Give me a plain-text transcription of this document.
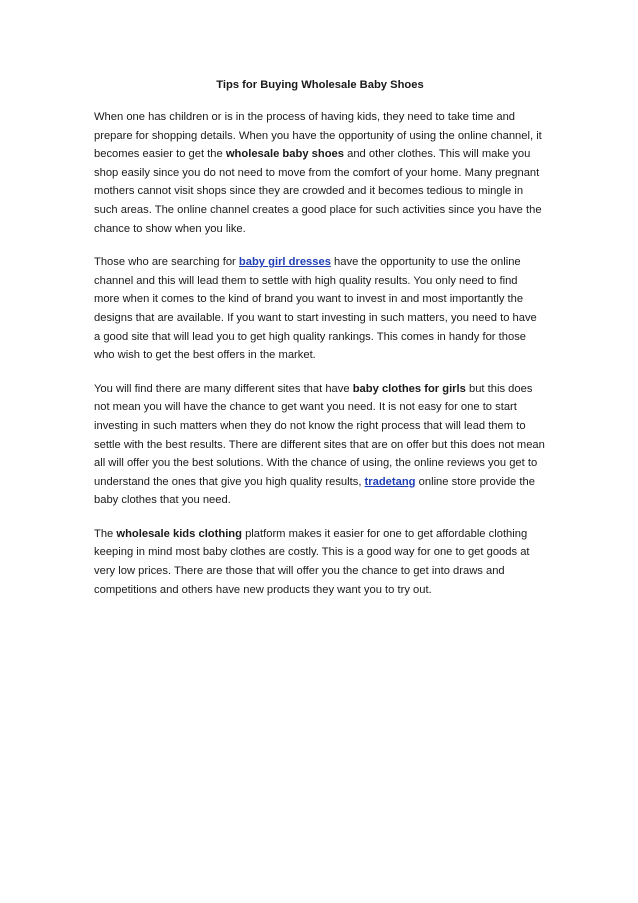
Tips for Buying Wholesale Baby Shoes

When one has children or is in the process of having kids, they need to take time and prepare for shopping details. When you have the opportunity of using the online channel, it becomes easier to get the wholesale baby shoes and other clothes. This will make you shop easily since you do not need to move from the comfort of your home. Many pregnant mothers cannot visit shops since they are crowded and it becomes tedious to mingle in such areas. The online channel creates a good place for such activities since you have the chance to show when you like.

Those who are searching for baby girl dresses have the opportunity to use the online channel and this will lead them to settle with high quality results. You only need to find more when it comes to the kind of brand you want to invest in and most importantly the designs that are available. If you want to start investing in such matters, you need to have a good site that will lead you to get high quality rankings. This comes in handy for those who wish to get the best offers in the market.

You will find there are many different sites that have baby clothes for girls but this does not mean you will have the chance to get want you need. It is not easy for one to start investing in such matters when they do not know the right process that will lead them to settle with the best results. There are different sites that are on offer but this does not mean all will offer you the best solutions. With the chance of using, the online reviews you get to understand the ones that give you high quality results, tradetang online store provide the baby clothes that you need.

The wholesale kids clothing platform makes it easier for one to get affordable clothing keeping in mind most baby clothes are costly. This is a good way for one to get goods at very low prices. There are those that will offer you the chance to get into draws and competitions and others have new products they want you to try out.
